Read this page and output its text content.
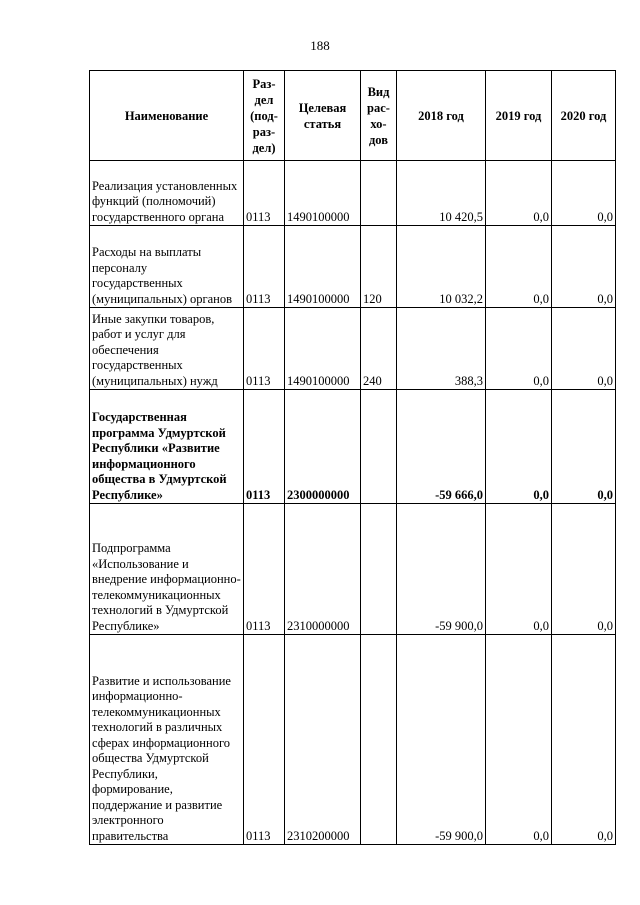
188
Наименование	Раз-дел (под-раз-дел)	Целевая статья	Вид рас-хо-дов	2018 год	2019 год	2020 год
Реализация установленных функций (полномочий) государственного органа	0113	1490100000		10 420,5	0,0	0,0
Расходы на выплаты персоналу государственных (муниципальных) органов	0113	1490100000	120	10 032,2	0,0	0,0
Иные закупки товаров, работ и услуг для обеспечения государственных (муниципальных) нужд	0113	1490100000	240	388,3	0,0	0,0
Государственная программа Удмуртской Республики «Развитие информационного общества в Удмуртской Республике»	0113	2300000000		-59 666,0	0,0	0,0
Подпрограмма «Использование и внедрение информационно-телекоммуникационных технологий в Удмуртской Республике»	0113	2310000000		-59 900,0	0,0	0,0
Развитие и использование информационно-телекоммуникационных технологий в различных сферах информационного общества Удмуртской Республики, формирование, поддержание и развитие электронного правительства	0113	2310200000		-59 900,0	0,0	0,0
